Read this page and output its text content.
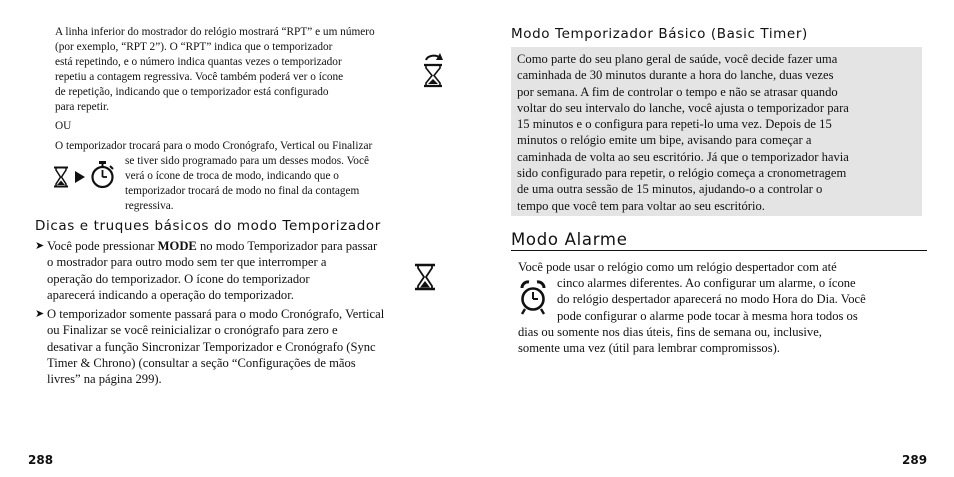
A linha inferior do mostrador do relógio mostrará “RPT” e um número

(por exemplo, “RPT 2”). O “RPT” indica que o temporizador

está repetindo, e o número indica quantas vezes o temporizador

repetiu a contagem regressiva. Você também poderá ver o ícone

de repetição, indicando que o temporizador está configurado

para repetir.

OU

O temporizador trocará para o modo Cronógrafo, Vertical ou Finalizar

se tiver sido programado para um desses modos. Você

verá o ícone de troca de modo, indicando que o

temporizador trocará de modo no final da contagem

regressiva.

Dicas e truques básicos do modo Temporizador

➤ Você pode pressionar MODE no modo Temporizador para passar

o mostrador para outro modo sem ter que interromper a

operação do temporizador. O ícone do temporizador

aparecerá indicando a operação do temporizador.

➤ O temporizador somente passará para o modo Cronógrafo, Vertical

ou Finalizar se você reinicializar o cronógrafo para zero e

desativar a função Sincronizar Temporizador e Cronógrafo (Sync

Timer & Chrono) (consultar a seção “Configurações de mãos

livres” na página 299).

288

Modo Temporizador Básico (Basic Timer)

Como parte do seu plano geral de saúde, você decide fazer uma

caminhada de 30 minutos durante a hora do lanche, duas vezes

por semana. A fim de controlar o tempo e não se atrasar quando

voltar do seu intervalo do lanche, você ajusta o temporizador para

15 minutos e o configura para repeti-lo uma vez. Depois de 15

minutos o relógio emite um bipe, avisando para começar a

caminhada de volta ao seu escritório. Já que o temporizador havia

sido configurado para repetir, o relógio começa a cronometragem

de uma outra sessão de 15 minutos, ajudando-o a controlar o

tempo que você tem para voltar ao seu escritório.

Modo Alarme

Você pode usar o relógio como um relógio despertador com até

cinco alarmes diferentes. Ao configurar um alarme, o ícone

do relógio despertador aparecerá no modo Hora do Dia. Você

pode configurar o alarme pode tocar à mesma hora todos os

dias ou somente nos dias úteis, fins de semana ou, inclusive,

somente uma vez (útil para lembrar compromissos).

289
